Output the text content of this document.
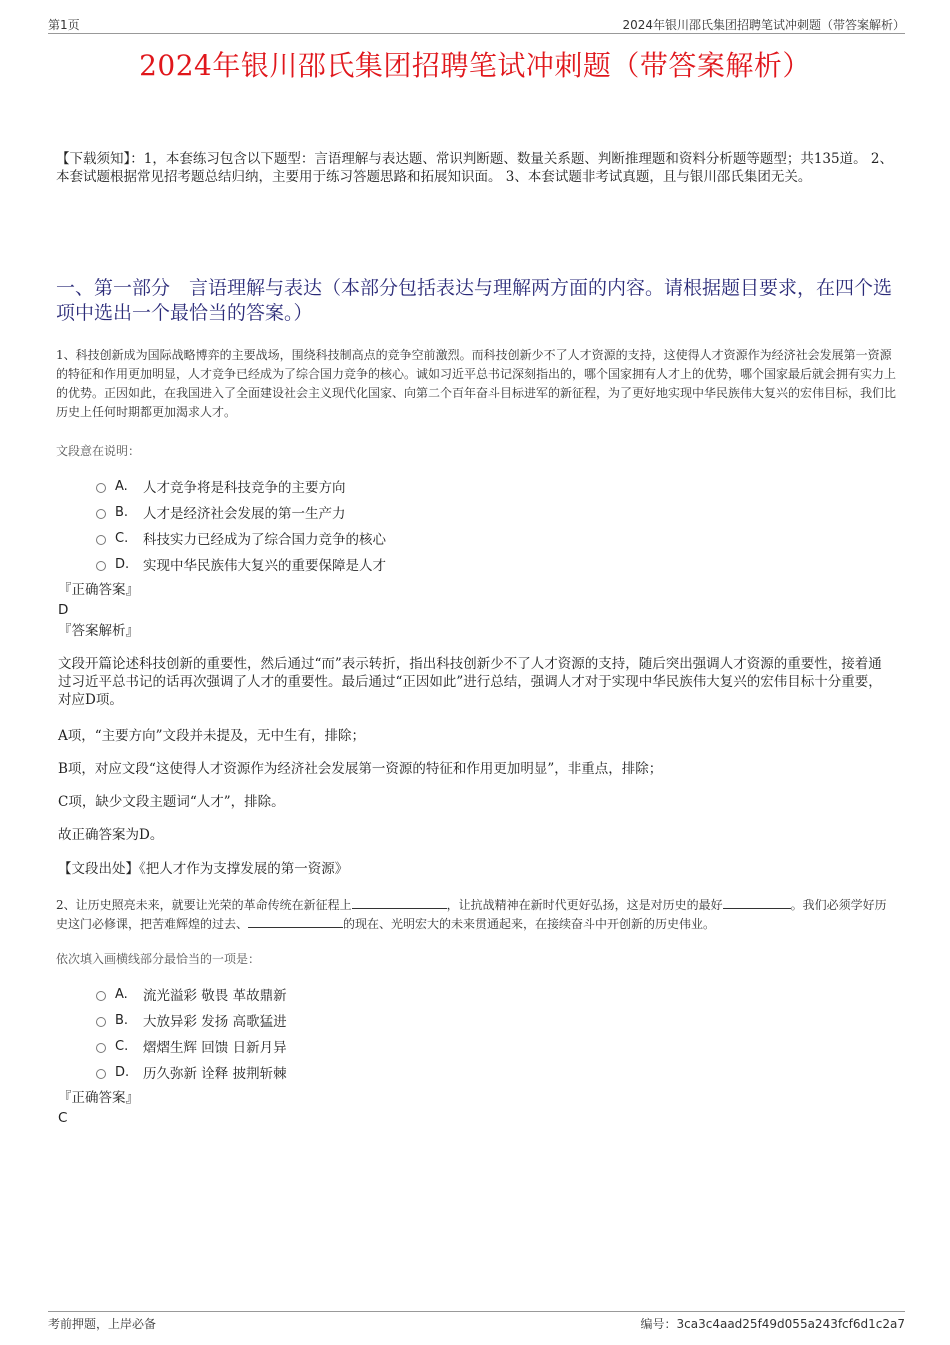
第1页	2024年银川邵氏集团招聘笔试冲刺题（带答案解析）
2024年银川邵氏集团招聘笔试冲刺题（带答案解析）
【下载须知】：1，本套练习包含以下题型：言语理解与表达题、常识判断题、数量关系题、判断推理题和资料分析题等题型；共135道。 2、本套试题根据常见招考题总结归纳，主要用于练习答题思路和拓展知识面。 3、本套试题非考试真题，且与银川邵氏集团无关。
一、第一部分　言语理解与表达（本部分包括表达与理解两方面的内容。请根据题目要求，在四个选项中选出一个最恰当的答案。）
1、科技创新成为国际战略博弈的主要战场，围绕科技制高点的竞争空前激烈。而科技创新少不了人才资源的支持，这使得人才资源作为经济社会发展第一资源的特征和作用更加明显，人才竞争已经成为了综合国力竞争的核心。诚如习近平总书记深刻指出的，哪个国家拥有人才上的优势，哪个国家最后就会拥有实力上的优势。正因如此，在我国进入了全面建设社会主义现代化国家、向第二个百年奋斗目标进军的新征程，为了更好地实现中华民族伟大复兴的宏伟目标，我们比历史上任何时期都更加渴求人才。
文段意在说明：
A.	人才竞争将是科技竞争的主要方向
B.	人才是经济社会发展的第一生产力
C.	科技实力已经成为了综合国力竞争的核心
D.	实现中华民族伟大复兴的重要保障是人才
『正确答案』
D
『答案解析』
文段开篇论述科技创新的重要性，然后通过“而”表示转折，指出科技创新少不了人才资源的支持，随后突出强调人才资源的重要性，接着通过习近平总书记的话再次强调了人才的重要性。最后通过“正因如此”进行总结，强调人才对于实现中华民族伟大复兴的宏伟目标十分重要，对应D项。
A项，“主要方向”文段并未提及，无中生有，排除；
B项，对应文段“这使得人才资源作为经济社会发展第一资源的特征和作用更加明显”，非重点，排除；
C项，缺少文段主题词“人才”，排除。
故正确答案为D。
【文段出处】《把人才作为支撑发展的第一资源》
2、让历史照亮未来，就要让光荣的革命传统在新征程上	，让抗战精神在新时代更好弘扬，这是对历史的最好	。我们必须学好历史这门必修课，把苦难辉煌的过去、	的现在、光明宏大的未来贯通起来，在接续奋斗中开创新的历史伟业。
依次填入画横线部分最恰当的一项是：
A.	流光溢彩 敬畏 革故鼎新
B.	大放异彩 发扬 高歌猛进
C.	熠熠生辉 回馈 日新月异
D.	历久弥新 诠释 披荆斩棘
『正确答案』
C
考前押题，上岸必备	编号：3ca3c4aad25f49d055a243fcf6d1c2a7
